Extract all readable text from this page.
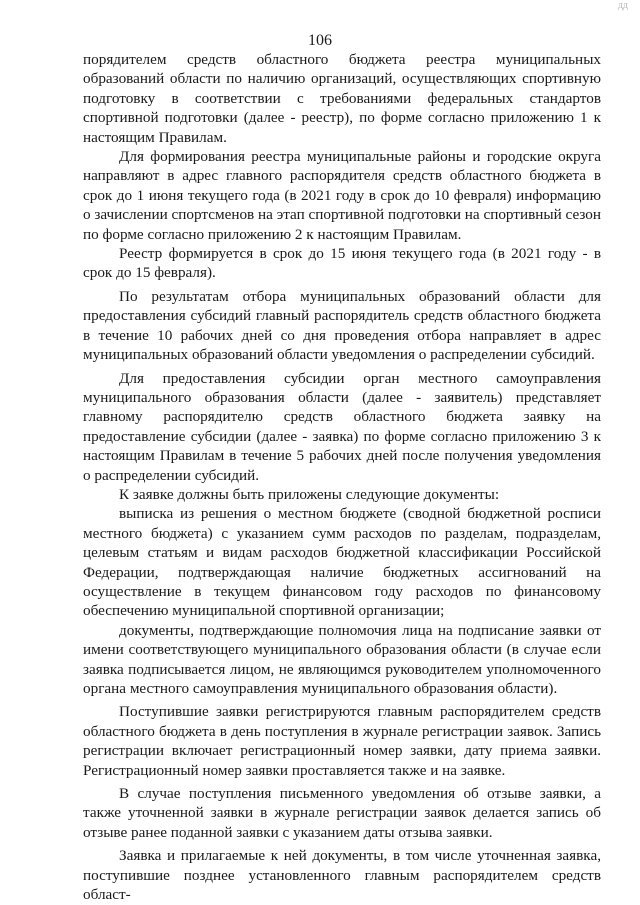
дд
106

порядителем средств областного бюджета реестра муниципальных образований области по наличию организаций, осуществляющих спортивную подготовку в соответствии с требованиями федеральных стандартов спортивной подготовки (далее - реестр), по форме согласно приложению 1 к настоящим Правилам.

Для формирования реестра муниципальные районы и городские округа направляют в адрес главного распорядителя средств областного бюджета в срок до 1 июня текущего года (в 2021 году в срок до 10 февраля) информацию о зачислении спортсменов на этап спортивной подготовки на спортивный сезон по форме согласно приложению 2 к настоящим Правилам.

Реестр формируется в срок до 15 июня текущего года (в 2021 году - в срок до 15 февраля).

По результатам отбора муниципальных образований области для предоставления субсидий главный распорядитель средств областного бюджета в течение 10 рабочих дней со дня проведения отбора направляет в адрес муниципальных образований области уведомления о распределении субсидий.

Для предоставления субсидии орган местного самоуправления муниципального образования области (далее - заявитель) представляет главному распорядителю средств областного бюджета заявку на предоставление субсидии (далее - заявка) по форме согласно приложению 3 к настоящим Правилам в течение 5 рабочих дней после получения уведомления о распределении субсидий.

К заявке должны быть приложены следующие документы:

выписка из решения о местном бюджете (сводной бюджетной росписи местного бюджета) с указанием сумм расходов по разделам, подразделам, целевым статьям и видам расходов бюджетной классификации Российской Федерации, подтверждающая наличие бюджетных ассигнований на осуществление в текущем финансовом году расходов по финансовому обеспечению муниципальной спортивной организации;

документы, подтверждающие полномочия лица на подписание заявки от имени соответствующего муниципального образования области (в случае если заявка подписывается лицом, не являющимся руководителем уполномоченного органа местного самоуправления муниципального образования области).

Поступившие заявки регистрируются главным распорядителем средств областного бюджета в день поступления в журнале регистрации заявок. Запись регистрации включает регистрационный номер заявки, дату приема заявки. Регистрационный номер заявки проставляется также и на заявке.

В случае поступления письменного уведомления об отзыве заявки, а также уточненной заявки в журнале регистрации заявок делается запись об отзыве ранее поданной заявки с указанием даты отзыва заявки.

Заявка и прилагаемые к ней документы, в том числе уточненная заявка, поступившие позднее установленного главным распорядителем средств област-
